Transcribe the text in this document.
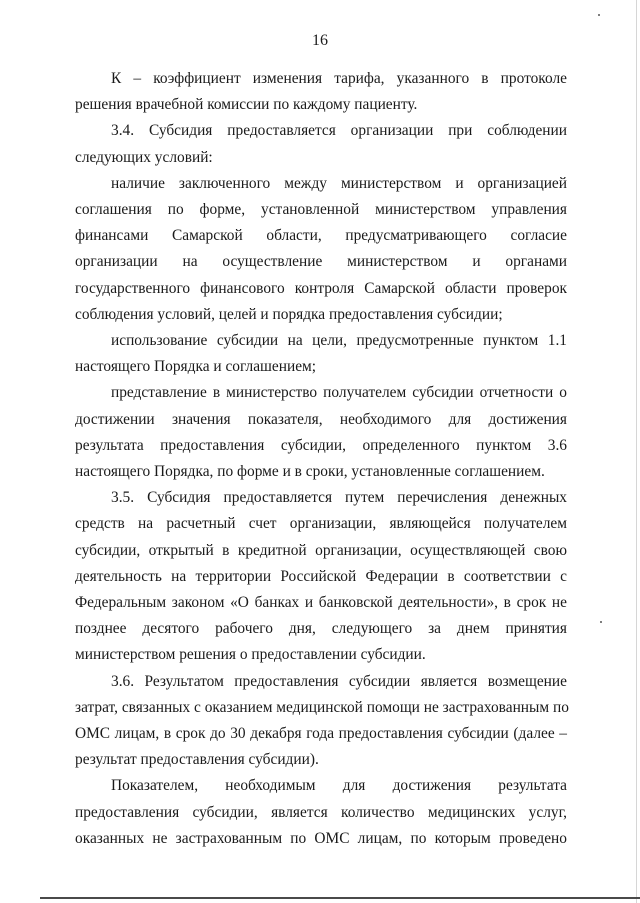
16

К – коэффициент изменения тарифа, указанного в протоколе
решения врачебной комиссии по каждому пациенту.

3.4. Субсидия предоставляется организации при соблюдении
следующих условий:

наличие заключенного между министерством и организацией
соглашения по форме, установленной министерством управления
финансами Самарской области, предусматривающего согласие
организации на осуществление министерством и органами
государственного финансового контроля Самарской области проверок
соблюдения условий, целей и порядка предоставления субсидии;

использование субсидии на цели, предусмотренные пунктом 1.1
настоящего Порядка и соглашением;

представление в министерство получателем субсидии отчетности о
достижении значения показателя, необходимого для достижения
результата предоставления субсидии, определенного пунктом 3.6
настоящего Порядка, по форме и в сроки, установленные соглашением.

3.5. Субсидия предоставляется путем перечисления денежных
средств на расчетный счет организации, являющейся получателем
субсидии, открытый в кредитной организации, осуществляющей свою
деятельность на территории Российской Федерации в соответствии с
Федеральным законом «О банках и банковской деятельности», в срок не
позднее десятого рабочего дня, следующего за днем принятия
министерством решения о предоставлении субсидии.

3.6. Результатом предоставления субсидии является возмещение
затрат, связанных с оказанием медицинской помощи не застрахованным по
ОМС лицам, в срок до 30 декабря года предоставления субсидии (далее –
результат предоставления субсидии).

Показателем, необходимым для достижения результата
предоставления субсидии, является количество медицинских услуг,
оказанных не застрахованным по ОМС лицам, по которым проведено
